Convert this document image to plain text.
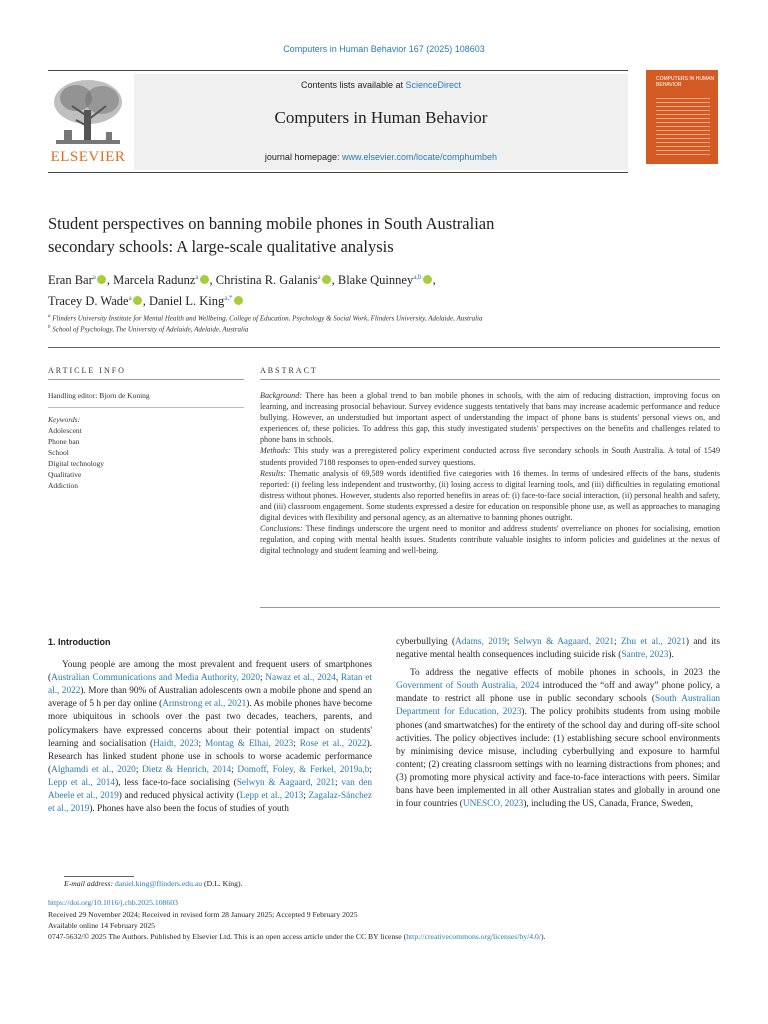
Computers in Human Behavior 167 (2025) 108603
ELSEVIER
Contents lists available at ScienceDirect
Computers in Human Behavior
journal homepage: www.elsevier.com/locate/comphumbeh
COMPUTERS IN HUMAN BEHAVIOR
Student perspectives on banning mobile phones in South Australian
secondary schools: A large-scale qualitative analysis
Eran Bar$^a$ , Marcela Radunz$^a$ , Christina R. Galanis$^a$ , Blake Quinney$^{a,b}$ ,
Tracey D. Wade$^a$ , Daniel L. King$^{a,*}$
$^a$ Flinders University Institute for Mental Health and Wellbeing, College of Education, Psychology & Social Work, Flinders University, Adelaide, Australia
$^b$ School of Psychology, The University of Adelaide, Adelaide, Australia
ARTICLE INFO	ABSTRACT
Handling editor: Bjorn de Koning
Keywords:
Adolescent
Phone ban
School
Digital technology
Qualitative
Addiction

Background: There has been a global trend to ban mobile phones in schools, with the aim of reducing distraction, improving focus on learning, and increasing prosocial behaviour. Survey evidence suggests tentatively that bans may increase academic performance and reduce bullying. However, an understudied but important aspect of understanding the impact of phone bans is students' personal views on, and experiences of, these policies. To address this gap, this study investigated students' perspectives on the benefits and challenges related to phone bans in schools.

Methods: This study was a preregistered policy experiment conducted across five secondary schools in South Australia. A total of 1549 students provided 7188 responses to open-ended survey questions.

Results: Thematic analysis of 69,589 words identified five categories with 16 themes. In terms of undesired effects of the bans, students reported: (i) feeling less independent and trustworthy, (ii) losing access to digital learning tools, and (iii) difficulties in regulating emotional distress without phones. However, students also reported benefits in areas of: (i) face-to-face social interaction, (ii) personal health and safety, and (iii) classroom engagement. Some students expressed a desire for education on responsible phone use, as well as approaches to managing digital devices with flexibility and personal agency, as an alternative to banning phones outright.

Conclusions: These findings underscore the urgent need to monitor and address students' overreliance on phones for socialising, emotion regulation, and coping with mental health issues. Students contribute valuable insights to inform policies and guidelines at the nexus of digital technology and student learning and well-being.

1. Introduction

Young people are among the most prevalent and frequent users of smartphones (Australian Communications and Media Authority, 2020; Nawaz et al., 2024, Ratan et al., 2022). More than 90% of Australian adolescents own a mobile phone and spend an average of 5 h per day online (Armstrong et al., 2021). As mobile phones have become more ubiquitous in schools over the past two decades, teachers, parents, and policymakers have expressed concerns about their potential impact on students' learning and socialisation (Haidt, 2023; Montag & Elhai, 2023; Rose et al., 2022). Research has linked student phone use in schools to worse academic performance (Alghamdi et al., 2020; Dietz & Henrich, 2014; Domoff, Foley, & Ferkel, 2019a,b; Lepp et al., 2014), less face-to-face socialising (Selwyn & Aagaard, 2021; van den Abeele et al., 2019) and reduced physical activity (Lepp et al., 2013; Zagalaz-Sánchez et al., 2019). Phones have also been the focus of studies of youth

cyberbullying (Adams, 2019; Selwyn & Aagaard, 2021; Zhu et al., 2021) and its negative mental health consequences including suicide risk (Santre, 2023).

To address the negative effects of mobile phones in schools, in 2023 the Government of South Australia, 2024 introduced the “off and away” phone policy, a mandate to restrict all phone use in public secondary schools (South Australian Department for Education, 2023). The policy prohibits students from using mobile phones (and smartwatches) for the entirety of the school day and during off-site school activities. The policy objectives include: (1) establishing secure school environments by minimising device misuse, including cyberbullying and exposure to harmful content; (2) creating classroom settings with no learning distractions from phones; and (3) promoting more physical activity and face-to-face interactions with peers. Similar bans have been implemented in all other Australian states and globally in around one in four countries (UNESCO, 2023), including the US, Canada, France, Sweden,

E-mail address: daniel.king@flinders.edu.au (D.L. King).
https://doi.org/10.1016/j.chb.2025.108603
Received 29 November 2024; Received in revised form 28 January 2025; Accepted 9 February 2025
Available online 14 February 2025
0747-5632/© 2025 The Authors. Published by Elsevier Ltd. This is an open access article under the CC BY license (http://creativecommons.org/licenses/by/4.0/).
